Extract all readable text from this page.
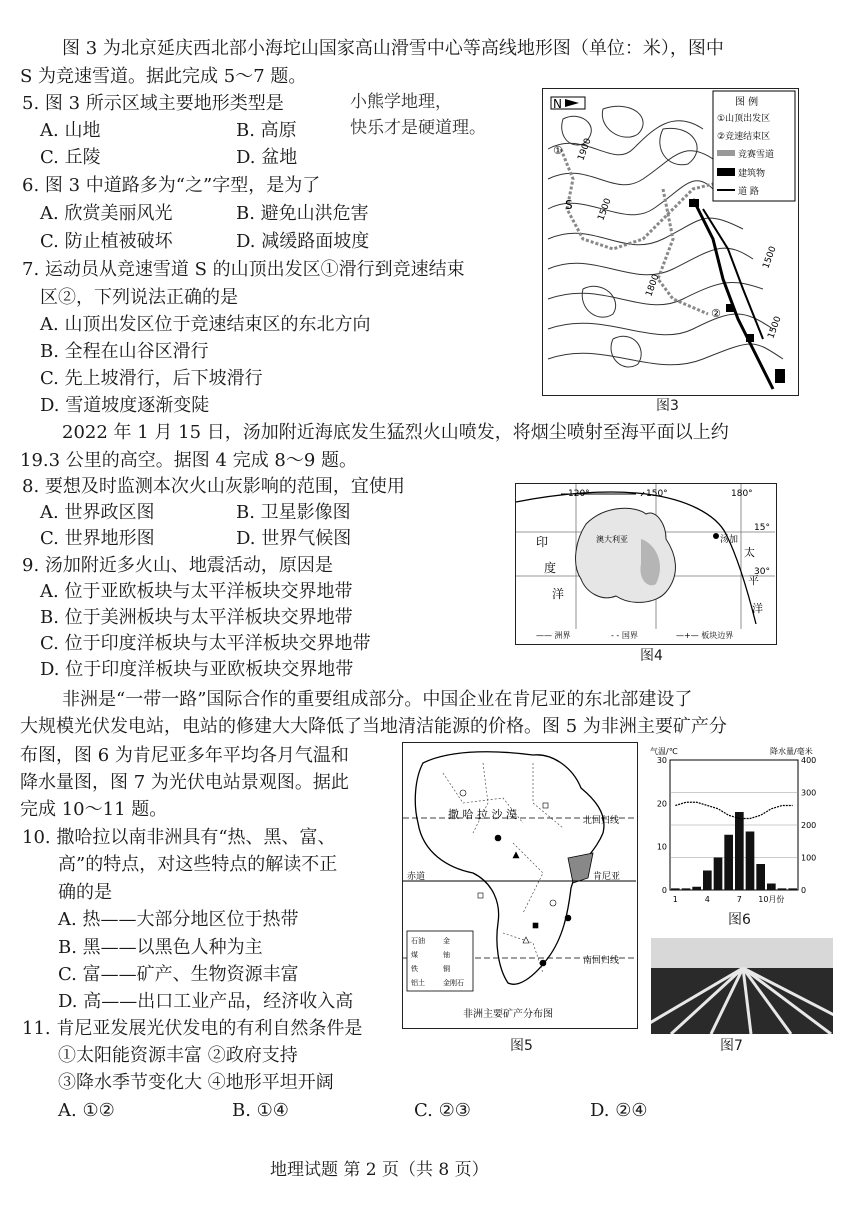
图 3 为北京延庆西北部小海坨山国家高山滑雪中心等高线地形图（单位：米），图中
S 为竞速雪道。据此完成 5～7 题。
5. 图 3 所示区域主要地形类型是	小熊学地理，
快乐才是硬道理。
A. 山地	B. 高原
C. 丘陵	D. 盆地
6. 图 3 中道路多为“之”字型，是为了
A. 欣赏美丽风光	B. 避免山洪危害
C. 防止植被破坏	D. 减缓路面坡度
7. 运动员从竞速雪道 S 的山顶出发区①滑行到竞速结束
区②，下列说法正确的是
A. 山顶出发区位于竞速结束区的东北方向
B. 全程在山谷区滑行
C. 先上坡滑行，后下坡滑行
D. 雪道坡度逐渐变陡
N
①
②
S	1500
1900
1800
1500
1500
图 例
①山顶出发区
②竞速结束区
竞赛雪道
建筑物
道 路
图3
2022 年 1 月 15 日，汤加附近海底发生猛烈火山喷发，将烟尘喷射至海平面以上约
19.3 公里的高空。据图 4 完成 8～9 题。
8. 要想及时监测本次火山灰影响的范围，宜使用
A. 世界政区图	B. 卫星影像图
C. 世界地形图	D. 世界气候图
9. 汤加附近多火山、地震活动，原因是
A. 位于亚欧板块与太平洋板块交界地带
B. 位于美洲板块与太平洋板块交界地带
C. 位于印度洋板块与太平洋板块交界地带
D. 位于印度洋板块与亚欧板块交界地带
120°	150°	180°
15°
30°
澳大利亚	汤加
印
度
洋
太
平
洋
—— 洲界	- - 国界	—+— 板块边界
图4
非洲是“一带一路”国际合作的重要组成部分。中国企业在肯尼亚的东北部建设了
大规模光伏发电站，电站的修建大大降低了当地清洁能源的价格。图 5 为非洲主要矿产分
布图，图 6 为肯尼亚多年平均各月气温和
降水量图，图 7 为光伏电站景观图。据此
完成 10～11 题。
10. 撒哈拉以南非洲具有“热、黑、富、
高”的特点，对这些特点的解读不正
确的是
A. 热——大部分地区位于热带
B. 黑——以黑色人种为主
C. 富——矿产、生物资源丰富
D. 高——出口工业产品，经济收入高
11. 肯尼亚发展光伏发电的有利自然条件是
①太阳能资源丰富 ②政府支持
③降水季节变化大 ④地形平坦开阔
A. ①②	B. ①④	C. ②③	D. ②④
撒 哈 拉 沙 漠	北回归线
赤道	肯尼亚
南回归线
石油	金
煤	铀
铁	铜
铝土	金刚石
非洲主要矿产分布图
图5
气温/℃	降水量/毫米
30
20
10
0
400
300
200
100
0
1	4	7 10月份
图6
图7
地理试题 第 2 页（共 8 页）
